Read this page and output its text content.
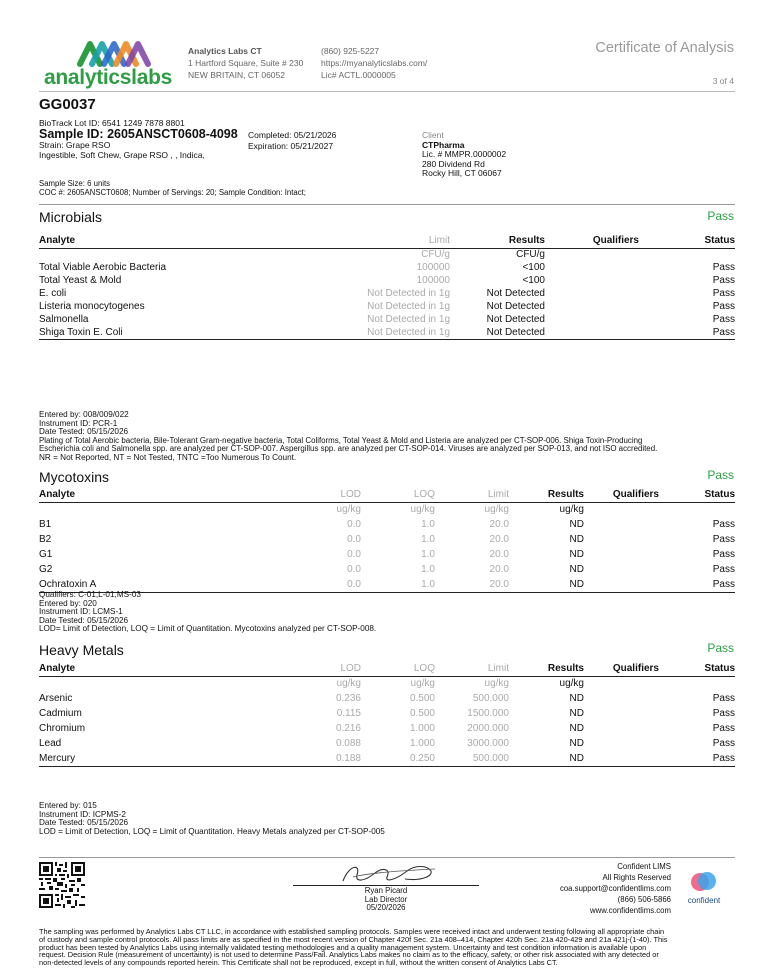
analyticslabs
Analytics Labs CT
1 Hartford Square, Suite # 230
NEW BRITAIN, CT 06052
(860) 925-5227
https://myanalyticslabs.com/
Lic# ACTL.0000005
Certificate of Analysis
3 of 4
GG0037
BioTrack Lot ID: 6541 1249 7878 8801
Sample ID: 2605ANSCT0608-4098
Strain: Grape RSO
Ingestible, Soft Chew, Grape RSO , , Indica,
Completed: 05/21/2026
Expiration: 05/21/2027
Client
CTPharma
Lic. # MMPR.0000002
280 Dividend Rd
Rocky Hill, CT 06067
Sample Size: 6 units
COC #: 2605ANSCT0608; Number of Servings: 20; Sample Condition: Intact;
Microbials	Pass
Analyte	Limit	Results	Qualifiers	Status
	CFU/g	CFU/g		
Total Viable Aerobic Bacteria	100000	<100		Pass
Total Yeast & Mold	100000	<100		Pass
E. coli	Not Detected in 1g	Not Detected		Pass
Listeria monocytogenes	Not Detected in 1g	Not Detected		Pass
Salmonella	Not Detected in 1g	Not Detected		Pass
Shiga Toxin E. Coli	Not Detected in 1g	Not Detected		Pass
Entered by: 008/009/022
Instrument ID: PCR-1
Date Tested: 05/15/2026
Plating of Total Aerobic bacteria, Bile-Tolerant Gram-negative bacteria, Total Coliforms, Total Yeast & Mold and Listeria are analyzed per CT-SOP-006. Shiga Toxin-Producing
Escherichia coli and Salmonella spp. are analyzed per CT-SOP-007. Aspergillus spp. are analyzed per CT-SOP-014. Viruses are analyzed per SOP-013, and not ISO accredited.
NR = Not Reported, NT = Not Tested, TNTC =Too Numerous To Count.
Mycotoxins	Pass
Analyte	LOD	LOQ	Limit	Results	Qualifiers	Status
	ug/kg	ug/kg	ug/kg	ug/kg		
B1	0.0	1.0	20.0	ND		Pass
B2	0.0	1.0	20.0	ND		Pass
G1	0.0	1.0	20.0	ND		Pass
G2	0.0	1.0	20.0	ND		Pass
Ochratoxin A	0.0	1.0	20.0	ND		Pass
Qualifiers: C-01,L-01,MS-03
Entered by: 020
Instrument ID: LCMS-1
Date Tested: 05/15/2026
LOD= Limit of Detection, LOQ = Limit of Quantitation. Mycotoxins analyzed per CT-SOP-008.
Heavy Metals	Pass
Analyte	LOD	LOQ	Limit	Results	Qualifiers	Status
	ug/kg	ug/kg	ug/kg	ug/kg		
Arsenic	0.236	0.500	500.000	ND		Pass
Cadmium	0.115	0.500	1500.000	ND		Pass
Chromium	0.216	1.000	2000.000	ND		Pass
Lead	0.088	1.000	3000.000	ND		Pass
Mercury	0.188	0.250	500.000	ND		Pass
Entered by: 015
Instrument ID: ICPMS-2
Date Tested: 05/15/2026
LOD = Limit of Detection, LOQ = Limit of Quantitation. Heavy Metals analyzed per CT-SOP-005
Ryan Picard
Lab Director
05/20/2026
Confident LIMS
All Rights Reserved
coa.support@confidentlims.com
(866) 506-5866
www.confidentlims.com
confident
The sampling was performed by Analytics Labs CT LLC, in accordance with established sampling protocols. Samples were received intact and underwent testing following all appropriate chain
of custody and sample control protocols. All pass limits are as specified in the most recent version of Chapter 420f Sec. 21a 408–414, Chapter 420h Sec. 21a 420-429 and 21a 421j-(1-40). This
product has been tested by Analytics Labs using internally validated testing methodologies and a quality management system. Uncertainty and test condition information is available upon
request. Decision Rule (measurement of uncertainty) is not used to determine Pass/Fail. Analytics Labs makes no claim as to the efficacy, safety, or other risk associated with any detected or
non-detected levels of any compounds reported herein. This Certificate shall not be reproduced, except in full, without the written consent of Analytics Labs CT.
